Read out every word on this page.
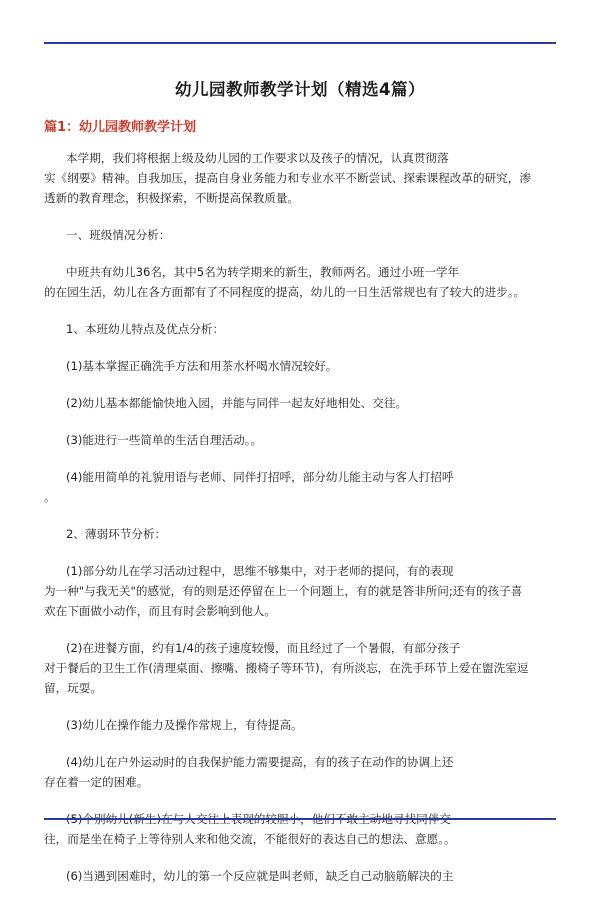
幼儿园教师教学计划（精选4篇）
篇1：幼儿园教师教学计划
本学期，我们将根据上级及幼儿园的工作要求以及孩子的情况，认真贯彻落
实《纲要》精神。自我加压，提高自身业务能力和专业水平不断尝试、探索课程改革的研究，渗
透新的教育理念，积极探索，不断提高保教质量。
一、班级情况分析：
中班共有幼儿36名，其中5名为转学期来的新生，教师两名。通过小班一学年
的在园生活，幼儿在各方面都有了不同程度的提高，幼儿的一日生活常规也有了较大的进步。。
1、本班幼儿特点及优点分析：
(1)基本掌握正确洗手方法和用茶水杯喝水情况较好。
(2)幼儿基本都能愉快地入园，并能与同伴一起友好地相处、交往。
(3)能进行一些简单的生活自理活动。。
(4)能用简单的礼貌用语与老师、同伴打招呼，部分幼儿能主动与客人打招呼
。
2、薄弱环节分析：
(1)部分幼儿在学习活动过程中，思维不够集中，对于老师的提问，有的表现
为一种"与我无关"的感觉，有的则是还停留在上一个问题上，有的就是答非所问;还有的孩子喜
欢在下面做小动作，而且有时会影响到他人。
(2)在进餐方面，约有1/4的孩子速度较慢，而且经过了一个暑假，有部分孩子
对于餐后的卫生工作(清理桌面、擦嘴、搬椅子等环节)，有所淡忘，在洗手环节上爱在盥洗室逗
留，玩耍。
(3)幼儿在操作能力及操作常规上，有待提高。
(4)幼儿在户外运动时的自我保护能力需要提高，有的孩子在动作的协调上还
存在着一定的困难。
往，而是坐在椅子上等待别人来和他交流，不能很好的表达自己的想法、意愿。。
(6)当遇到困难时，幼儿的第一个反应就是叫老师，缺乏自己动脑筋解决的主
